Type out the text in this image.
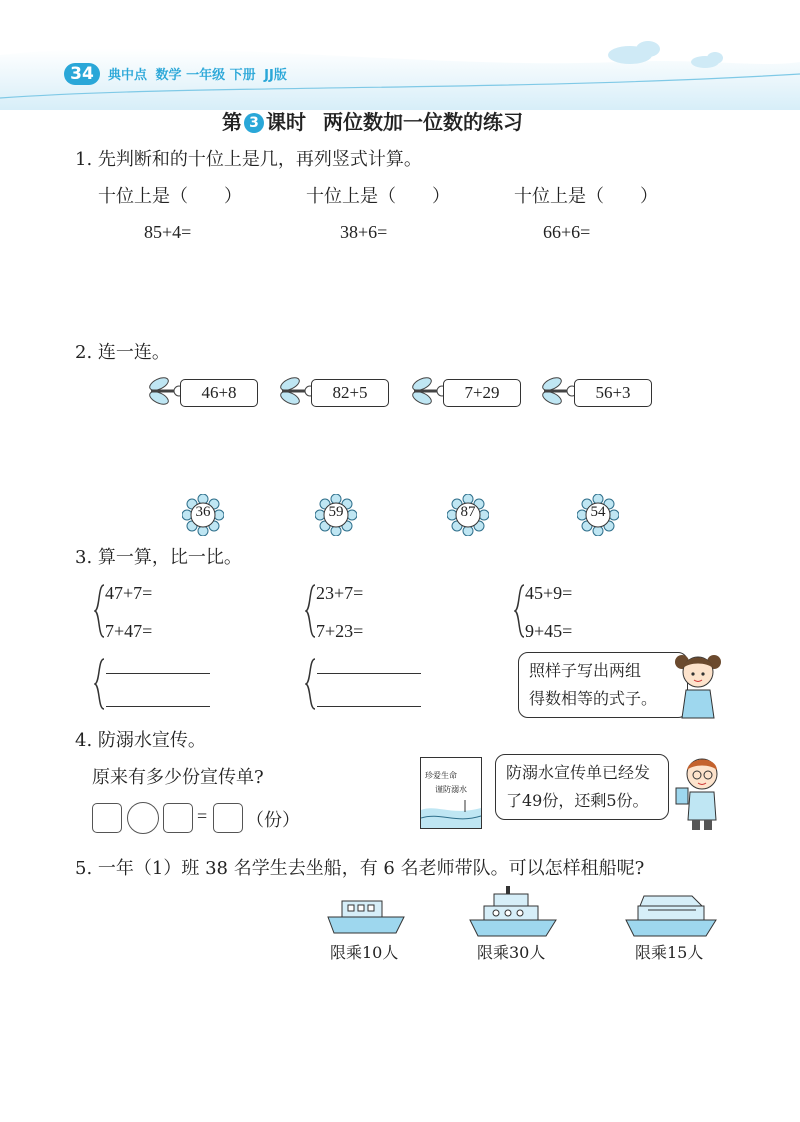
34	典中点 数学 一年级 下册 JJ版
第 3 课时 两位数加一位数的练习
1. 先判断和的十位上是几，再列竖式计算。
十位上是（　　）	十位上是（　　）	十位上是（　　）
85+4=	38+6=	66+6=
2. 连一连。
46+8	82+5	7+29	56+3
36	59	87	54
3. 算一算，比一比。
47+7=
7+47=
23+7=
7+23=
45+9=
9+45=
照样子写出两组
得数相等的式子。
4. 防溺水宣传。
原来有多少份宣传单?
= （份）
珍爱生命
谨防溺水
防溺水宣传单已经发
了49份，还剩5份。
5. 一年（1）班 38 名学生去坐船，有 6 名老师带队。可以怎样租船呢?
限乘10人	限乘30人	限乘15人
